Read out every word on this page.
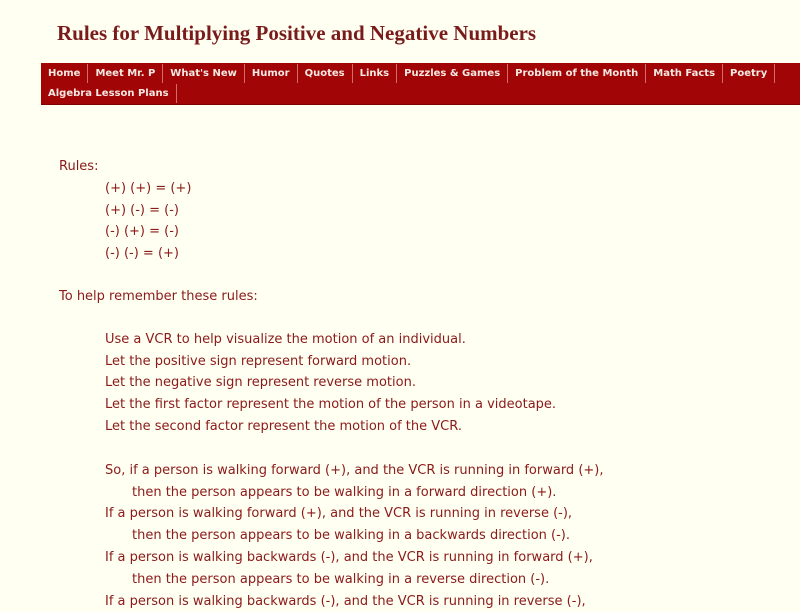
Rules for Multiplying Positive and Negative Numbers
Home	Meet Mr. P	What's New	Humor	Quotes	Links	Puzzles & Games	Problem of the Month	Math Facts	Poetry
Algebra Lesson Plans

Rules:

(+) (+) = (+)

(+) (-) = (-)

(-) (+) = (-)

(-) (-) = (+)

To help remember these rules:

Use a VCR to help visualize the motion of an individual.

Let the positive sign represent forward motion.

Let the negative sign represent reverse motion.

Let the first factor represent the motion of the person in a videotape.

Let the second factor represent the motion of the VCR.

So, if a person is walking forward (+), and the VCR is running in forward (+),

then the person appears to be walking in a forward direction (+).

If a person is walking forward (+), and the VCR is running in reverse (-),

then the person appears to be walking in a backwards direction (-).

If a person is walking backwards (-), and the VCR is running in forward (+),

then the person appears to be walking in a reverse direction (-).

If a person is walking backwards (-), and the VCR is running in reverse (-),
